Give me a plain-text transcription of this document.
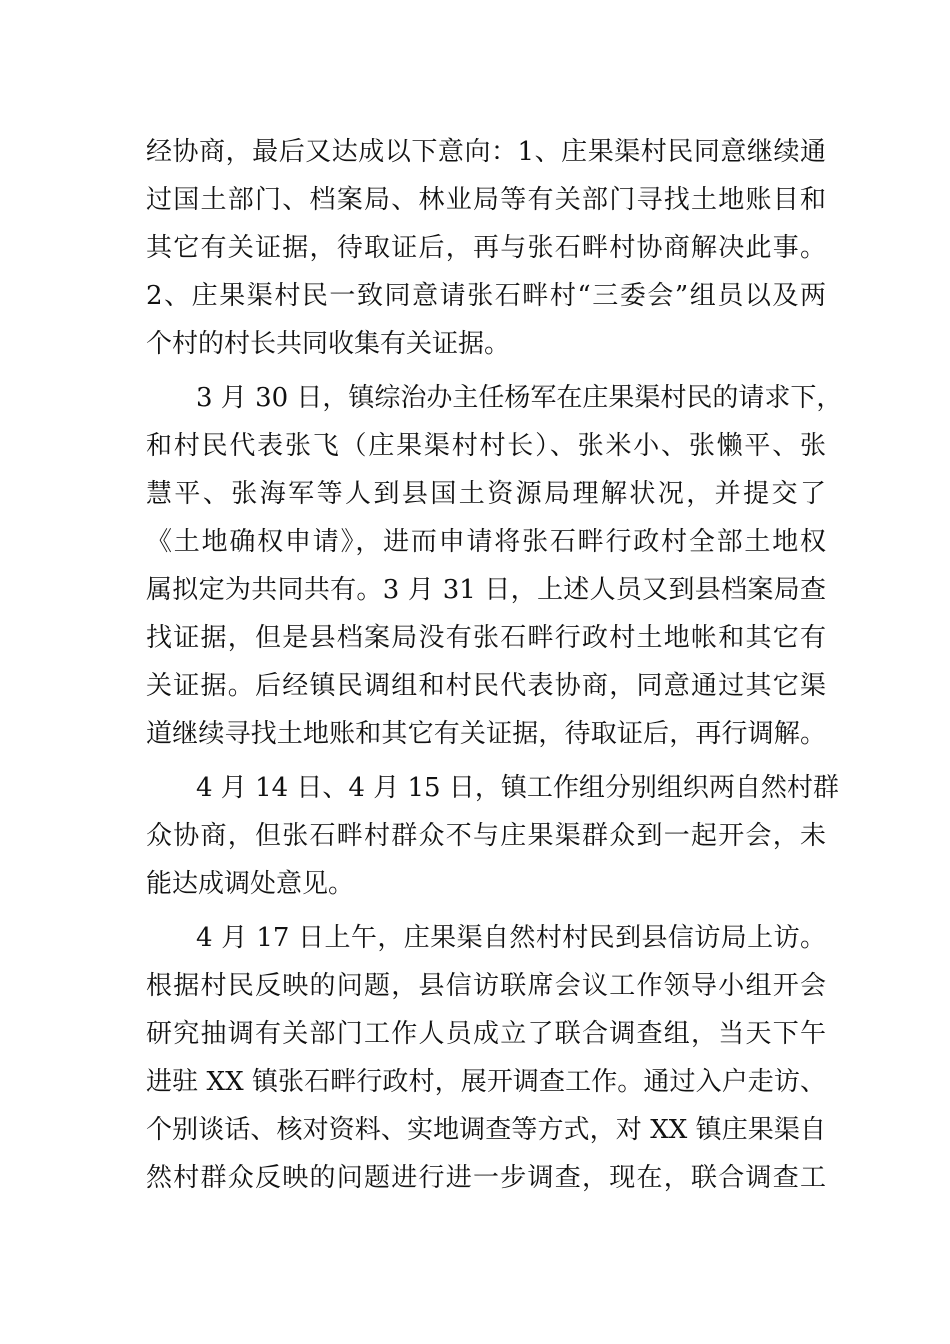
经协商，最后又达成以下意向：1、庄果渠村民同意继续通
过国土部门、档案局、林业局等有关部门寻找土地账目和
其它有关证据，待取证后，再与张石畔村协商解决此事。
2、庄果渠村民一致同意请张石畔村“三委会”组员以及两
个村的村长共同收集有关证据。
3 月 30 日，镇综治办主任杨军在庄果渠村民的请求下，
和村民代表张飞（庄果渠村村长）、张米小、张懒平、张
慧平、张海军等人到县国土资源局理解状况，并提交了
《土地确权申请》，进而申请将张石畔行政村全部土地权
属拟定为共同共有。3 月 31 日，上述人员又到县档案局查
找证据，但是县档案局没有张石畔行政村土地帐和其它有
关证据。后经镇民调组和村民代表协商，同意通过其它渠
道继续寻找土地账和其它有关证据，待取证后，再行调解。
4 月 14 日、4 月 15 日，镇工作组分别组织两自然村群
众协商，但张石畔村群众不与庄果渠群众到一起开会，未
能达成调处意见。
4 月 17 日上午，庄果渠自然村村民到县信访局上访。
根据村民反映的问题，县信访联席会议工作领导小组开会
研究抽调有关部门工作人员成立了联合调查组，当天下午
进驻 XX 镇张石畔行政村，展开调查工作。通过入户走访、
个别谈话、核对资料、实地调查等方式，对 XX 镇庄果渠自
然村群众反映的问题进行进一步调查，现在，联合调查工
